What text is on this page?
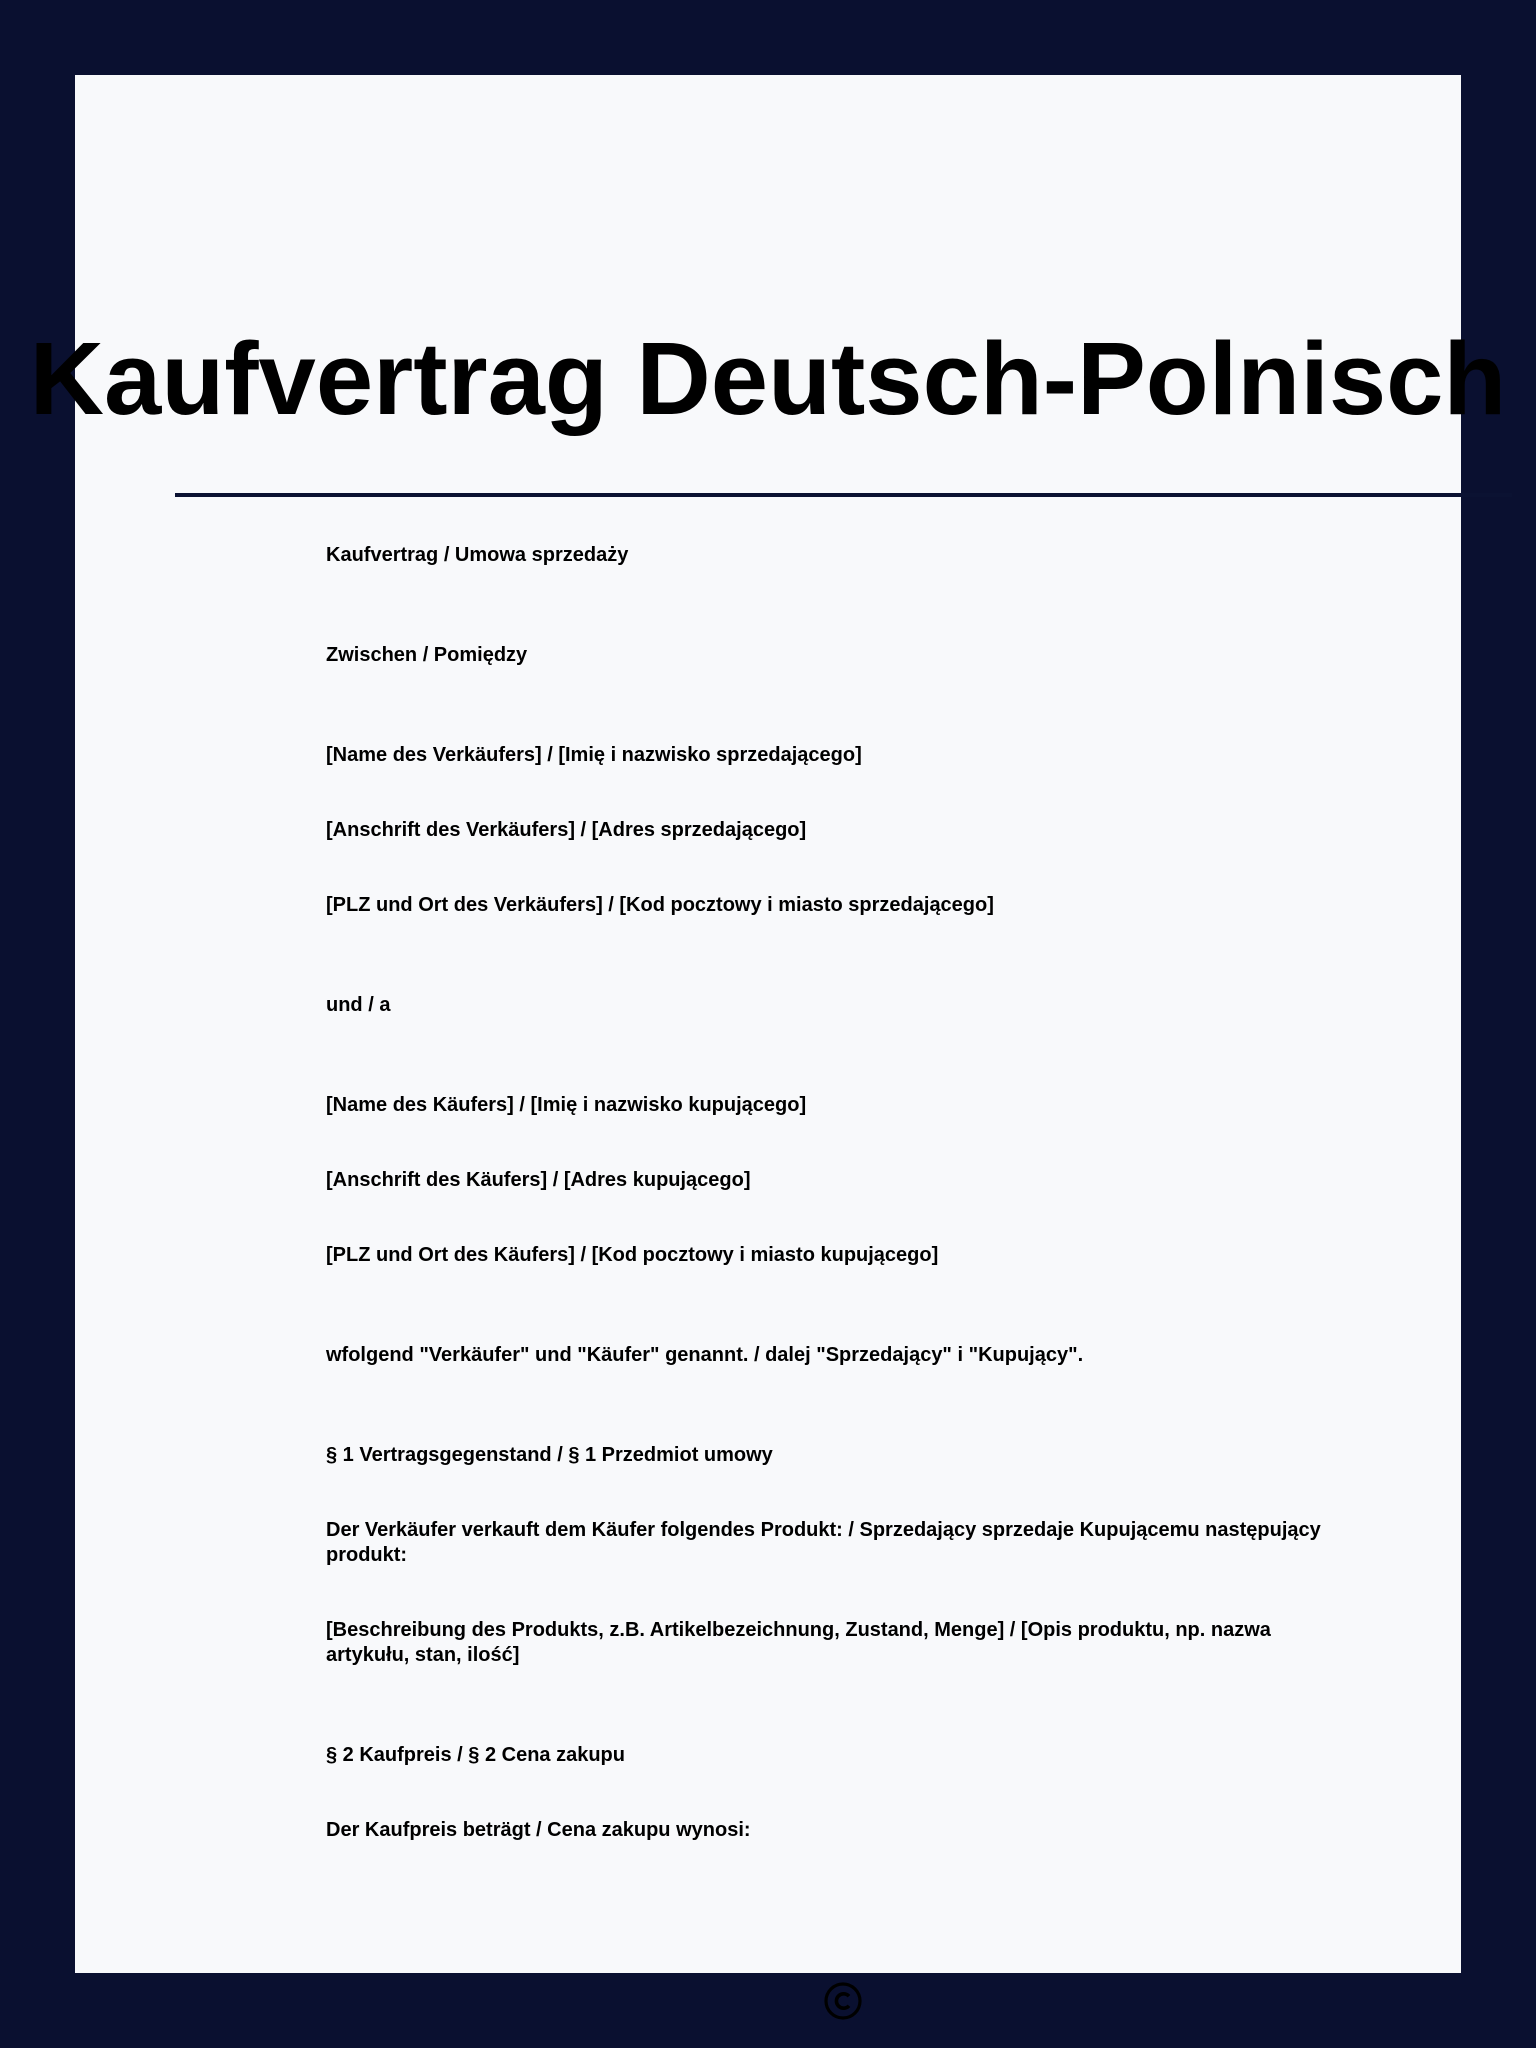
Kaufvertrag Deutsch-Polnisch

Kaufvertrag / Umowa sprzedaży

Zwischen / Pomiędzy

[Name des Verkäufers] / [Imię i nazwisko sprzedającego]

[Anschrift des Verkäufers] / [Adres sprzedającego]

[PLZ und Ort des Verkäufers] / [Kod pocztowy i miasto sprzedającego]

und / a

[Name des Käufers] / [Imię i nazwisko kupującego]

[Anschrift des Käufers] / [Adres kupującego]

[PLZ und Ort des Käufers] / [Kod pocztowy i miasto kupującego]

wfolgend "Verkäufer" und "Käufer" genannt. / dalej "Sprzedający" i "Kupujący".

§ 1 Vertragsgegenstand / § 1 Przedmiot umowy

Der Verkäufer verkauft dem Käufer folgendes Produkt: / Sprzedający sprzedaje Kupującemu następujący produkt:

[Beschreibung des Produkts, z.B. Artikelbezeichnung, Zustand, Menge] / [Opis produktu, np. nazwa artykułu, stan, ilość]

§ 2 Kaufpreis / § 2 Cena zakupu

Der Kaufpreis beträgt / Cena zakupu wynosi:
